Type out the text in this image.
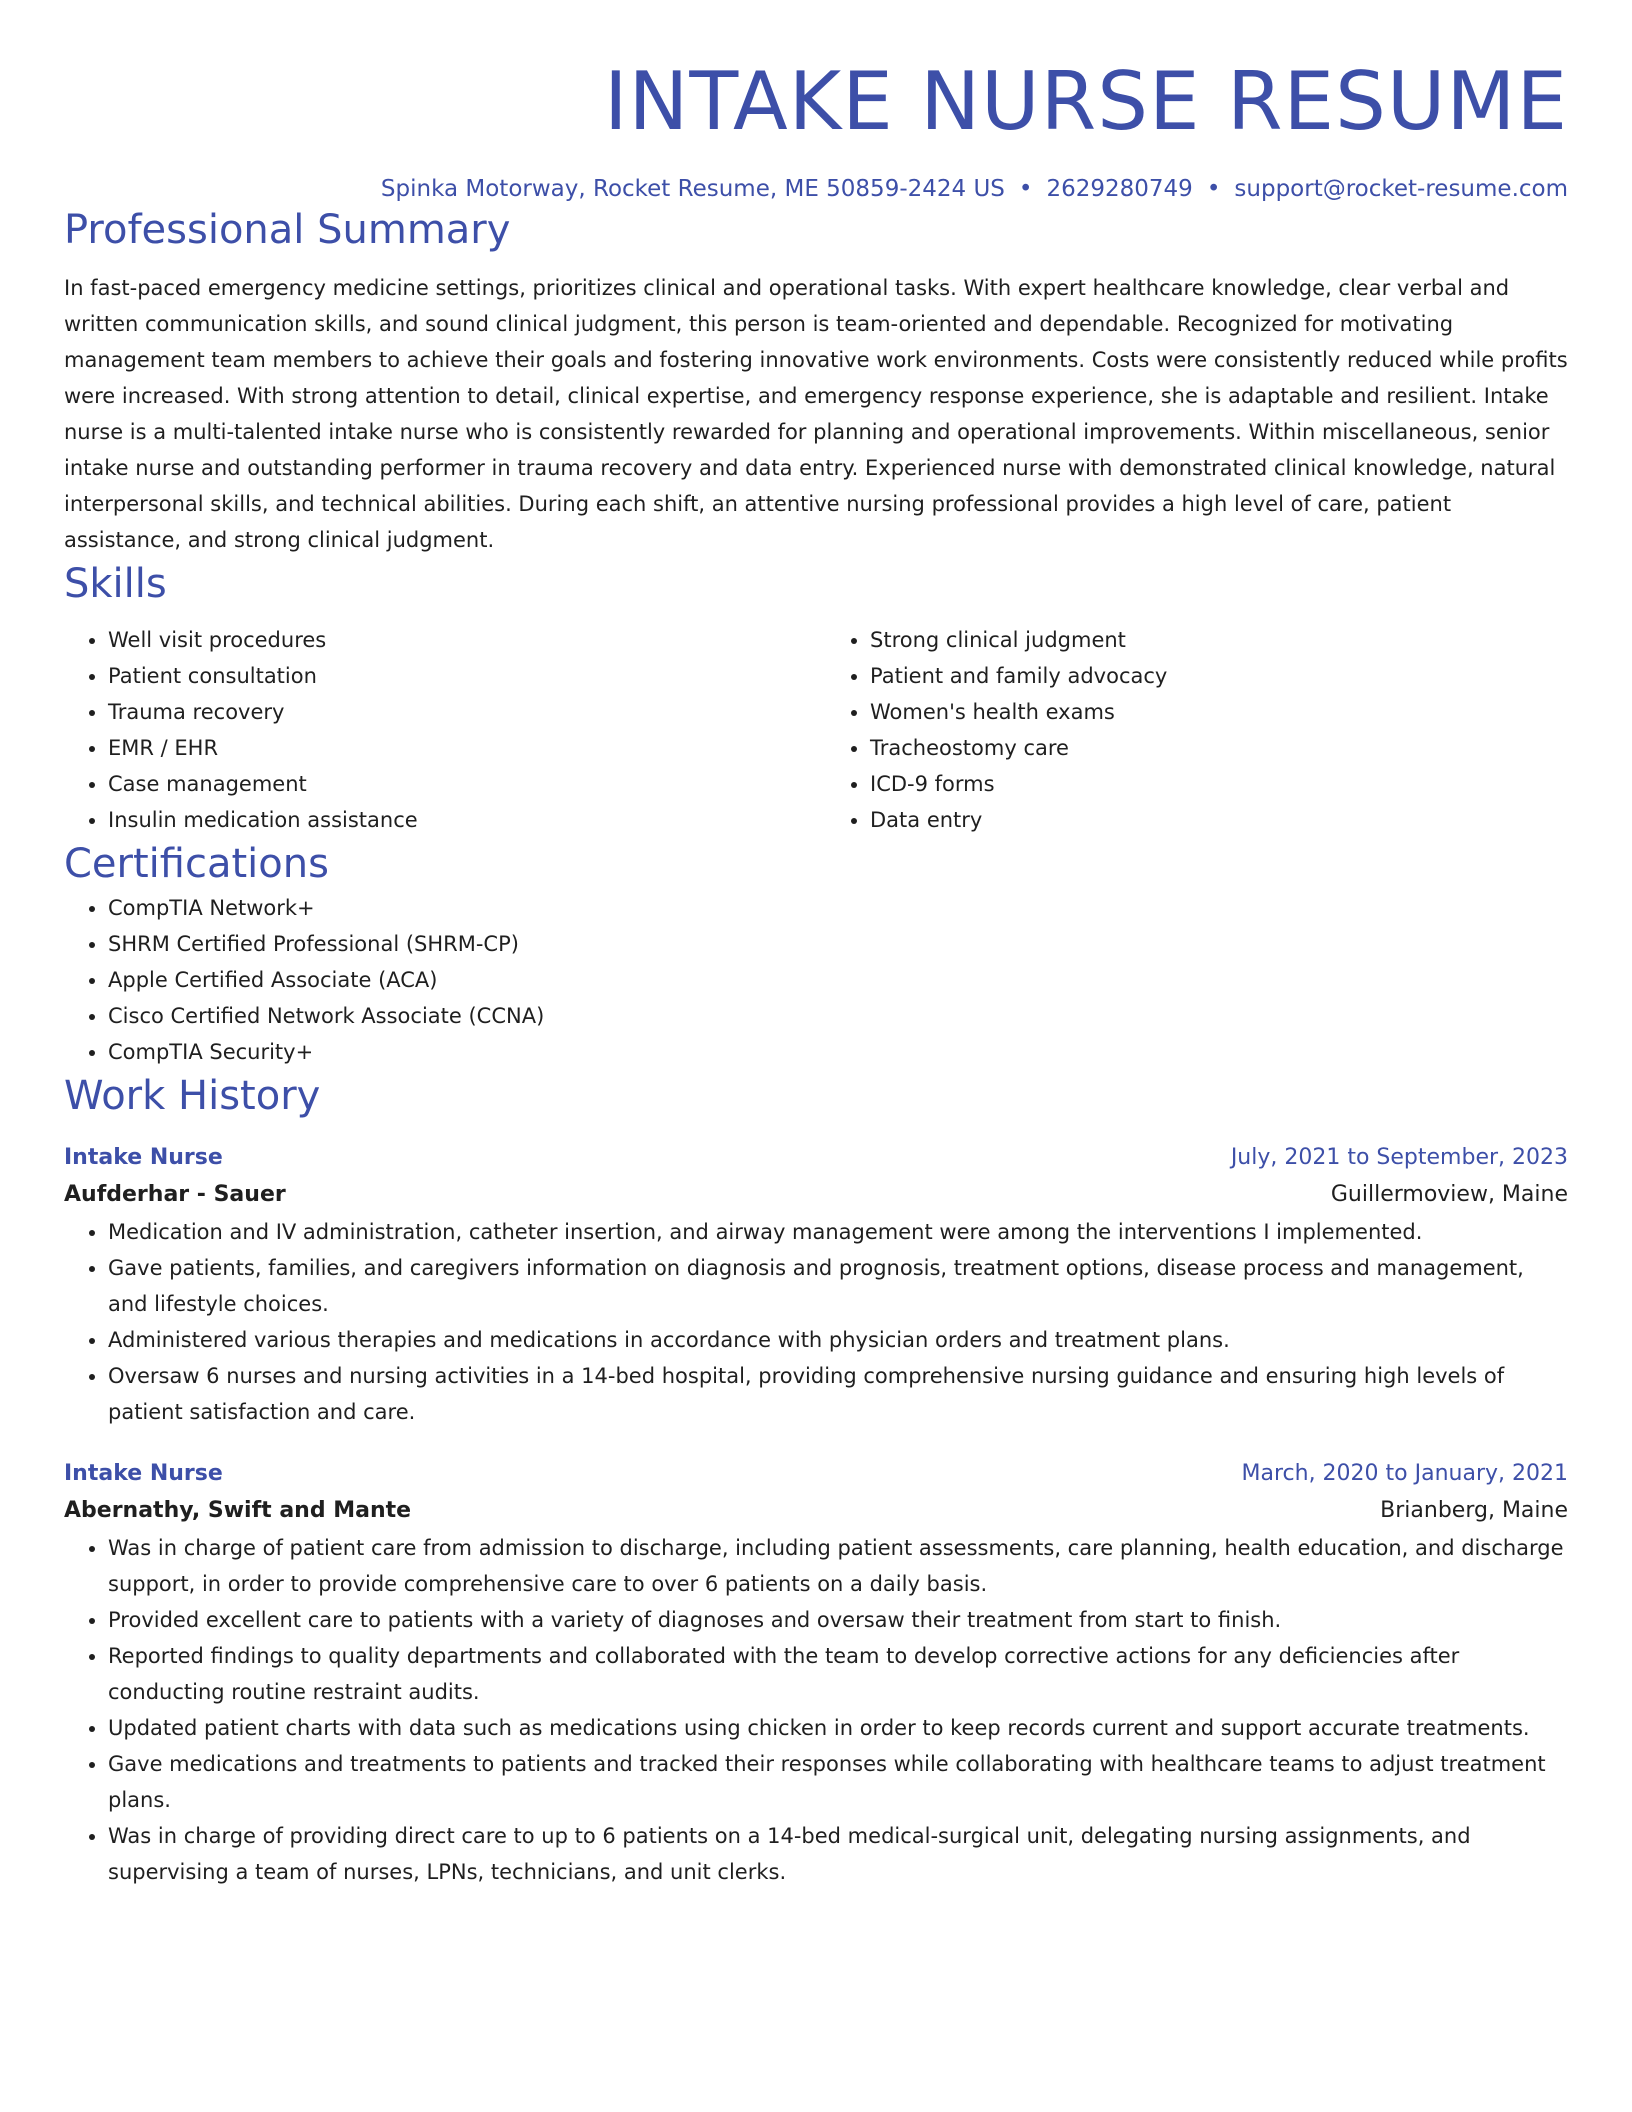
INTAKE NURSE RESUME
Spinka Motorway, Rocket Resume, ME 50859-2424 US • 2629280749 • support@rocket-resume.com
Professional Summary
In fast-paced emergency medicine settings, prioritizes clinical and operational tasks. With expert healthcare knowledge, clear verbal and written communication skills, and sound clinical judgment, this person is team-oriented and dependable. Recognized for motivating management team members to achieve their goals and fostering innovative work environments. Costs were consistently reduced while profits were increased. With strong attention to detail, clinical expertise, and emergency response experience, she is adaptable and resilient. Intake nurse is a multi-talented intake nurse who is consistently rewarded for planning and operational improvements. Within miscellaneous, senior intake nurse and outstanding performer in trauma recovery and data entry. Experienced nurse with demonstrated clinical knowledge, natural interpersonal skills, and technical abilities. During each shift, an attentive nursing professional provides a high level of care, patient assistance, and strong clinical judgment.
Skills
• Well visit procedures
• Patient consultation
• Trauma recovery
• EMR / EHR
• Case management
• Insulin medication assistance
• Strong clinical judgment
• Patient and family advocacy
• Women's health exams
• Tracheostomy care
• ICD-9 forms
• Data entry
Certifications
• CompTIA Network+
• SHRM Certified Professional (SHRM-CP)
• Apple Certified Associate (ACA)
• Cisco Certified Network Associate (CCNA)
• CompTIA Security+
Work History
Intake Nurse	July, 2021 to September, 2023
Aufderhar - Sauer	Guillermoview, Maine
• Medication and IV administration, catheter insertion, and airway management were among the interventions I implemented.
• Gave patients, families, and caregivers information on diagnosis and prognosis, treatment options, disease process and management, and lifestyle choices.
• Administered various therapies and medications in accordance with physician orders and treatment plans.
• Oversaw 6 nurses and nursing activities in a 14-bed hospital, providing comprehensive nursing guidance and ensuring high levels of patient satisfaction and care.
Intake Nurse	March, 2020 to January, 2021
Abernathy, Swift and Mante	Brianberg, Maine
• Was in charge of patient care from admission to discharge, including patient assessments, care planning, health education, and discharge support, in order to provide comprehensive care to over 6 patients on a daily basis.
• Provided excellent care to patients with a variety of diagnoses and oversaw their treatment from start to finish.
• Reported findings to quality departments and collaborated with the team to develop corrective actions for any deficiencies after conducting routine restraint audits.
• Updated patient charts with data such as medications using chicken in order to keep records current and support accurate treatments.
• Gave medications and treatments to patients and tracked their responses while collaborating with healthcare teams to adjust treatment plans.
• Was in charge of providing direct care to up to 6 patients on a 14-bed medical-surgical unit, delegating nursing assignments, and supervising a team of nurses, LPNs, technicians, and unit clerks.
